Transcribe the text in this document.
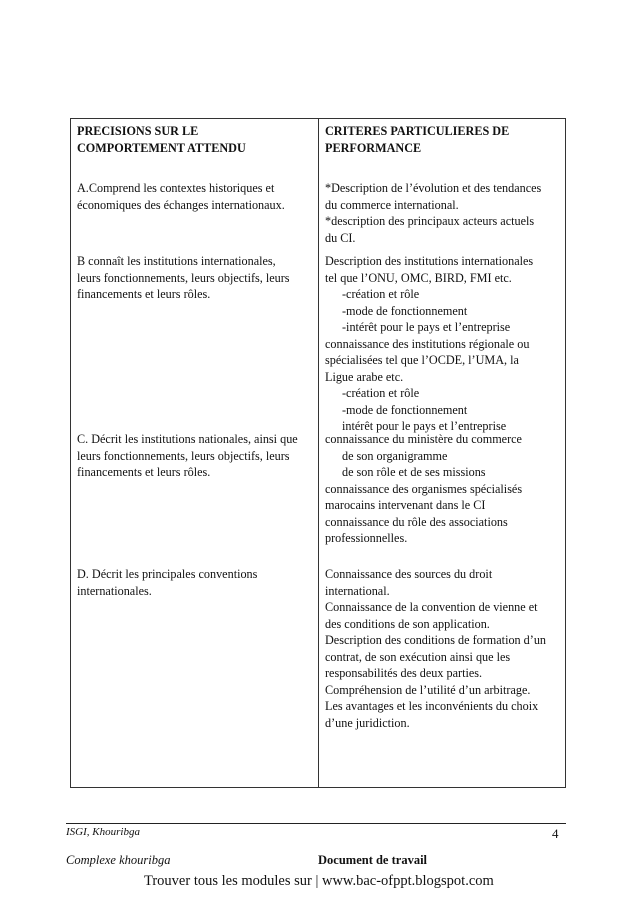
PRECISIONS SUR LE
COMPORTEMENT ATTENDU
CRITERES PARTICULIERES DE
PERFORMANCE
A.Comprend les contextes historiques et
économiques des échanges internationaux.
*Description de l’évolution et des tendances
du commerce international.
*description des principaux acteurs actuels
du CI.
B connaît les institutions internationales,
leurs fonctionnements, leurs objectifs, leurs
financements et leurs rôles.
Description des institutions internationales
tel que l’ONU, OMC, BIRD, FMI etc.
-création et rôle
-mode de fonctionnement
-intérêt pour le pays et l’entreprise
connaissance des institutions régionale ou
spécialisées tel que l’OCDE, l’UMA, la
Ligue arabe etc.
-création et rôle
-mode de fonctionnement
intérêt pour le pays et l’entreprise
C. Décrit les institutions nationales, ainsi que
leurs fonctionnements, leurs objectifs, leurs
financements et leurs rôles.
connaissance du ministère du commerce
de son organigramme
de son rôle et de ses missions
connaissance des organismes spécialisés
marocains intervenant dans le CI
connaissance du rôle des associations
professionnelles.
D. Décrit les principales conventions
internationales.
Connaissance des sources du droit
international.
Connaissance de la convention de vienne et
des conditions de son application.
Description des conditions de formation d’un
contrat, de son exécution ainsi que les
responsabilités des deux parties.
Compréhension de l’utilité d’un arbitrage.
Les avantages et les inconvénients du choix
d’une juridiction.
ISGI, Khouribga	4
Complexe khouribga	Document de travail
Trouver tous les modules sur | www.bac-ofppt.blogspot.com
